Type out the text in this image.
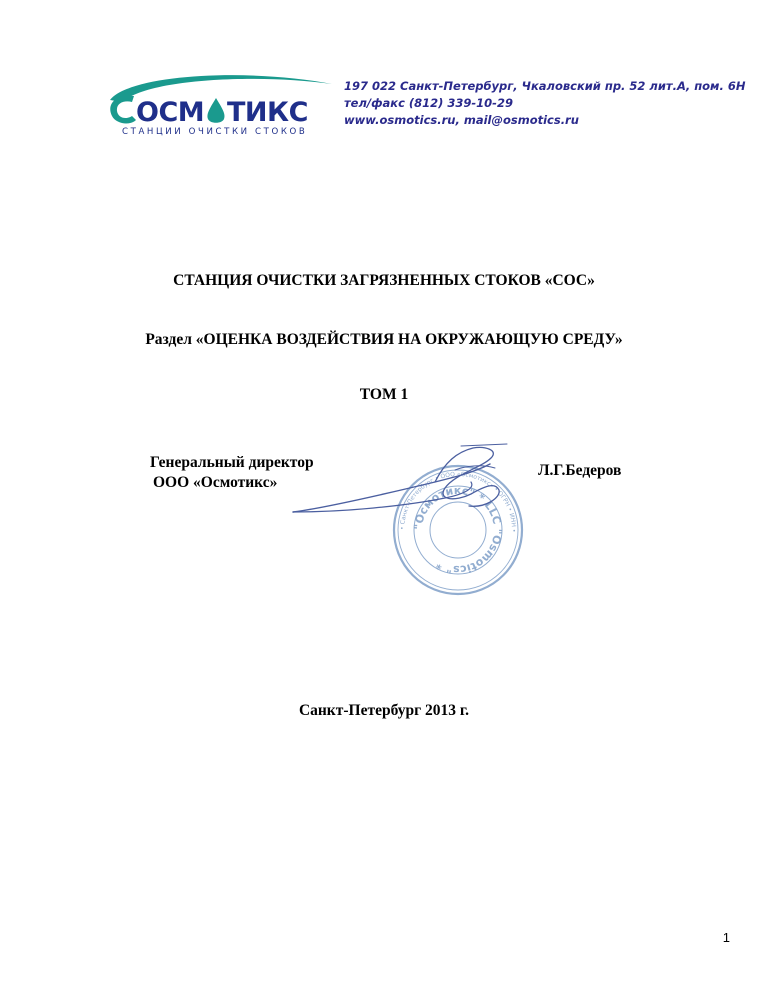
ОСМ ТИКС
СТАНЦИИ ОЧИСТКИ СТОКОВ
197 022 Санкт-Петербург, Чкаловский пр. 52 лит.А, пом. 6Н
тел/факс (812) 339-10-29
www.osmotics.ru, mail@osmotics.ru
СТАНЦИЯ ОЧИСТКИ ЗАГРЯЗНЕННЫХ СТОКОВ «СОС»
Раздел «ОЦЕНКА ВОЗДЕЙСТВИЯ НА ОКРУЖАЮЩУЮ СРЕДУ»
ТОМ 1
Генеральный директор
ООО «Осмотикс»
• Санкт-Петербург • ООО «Осмотикс» • ОГРН • ИНН •
"Осмотикс" * LLC "Osmotics" *
Л.Г.Бедеров
Санкт-Петербург 2013 г.
1
